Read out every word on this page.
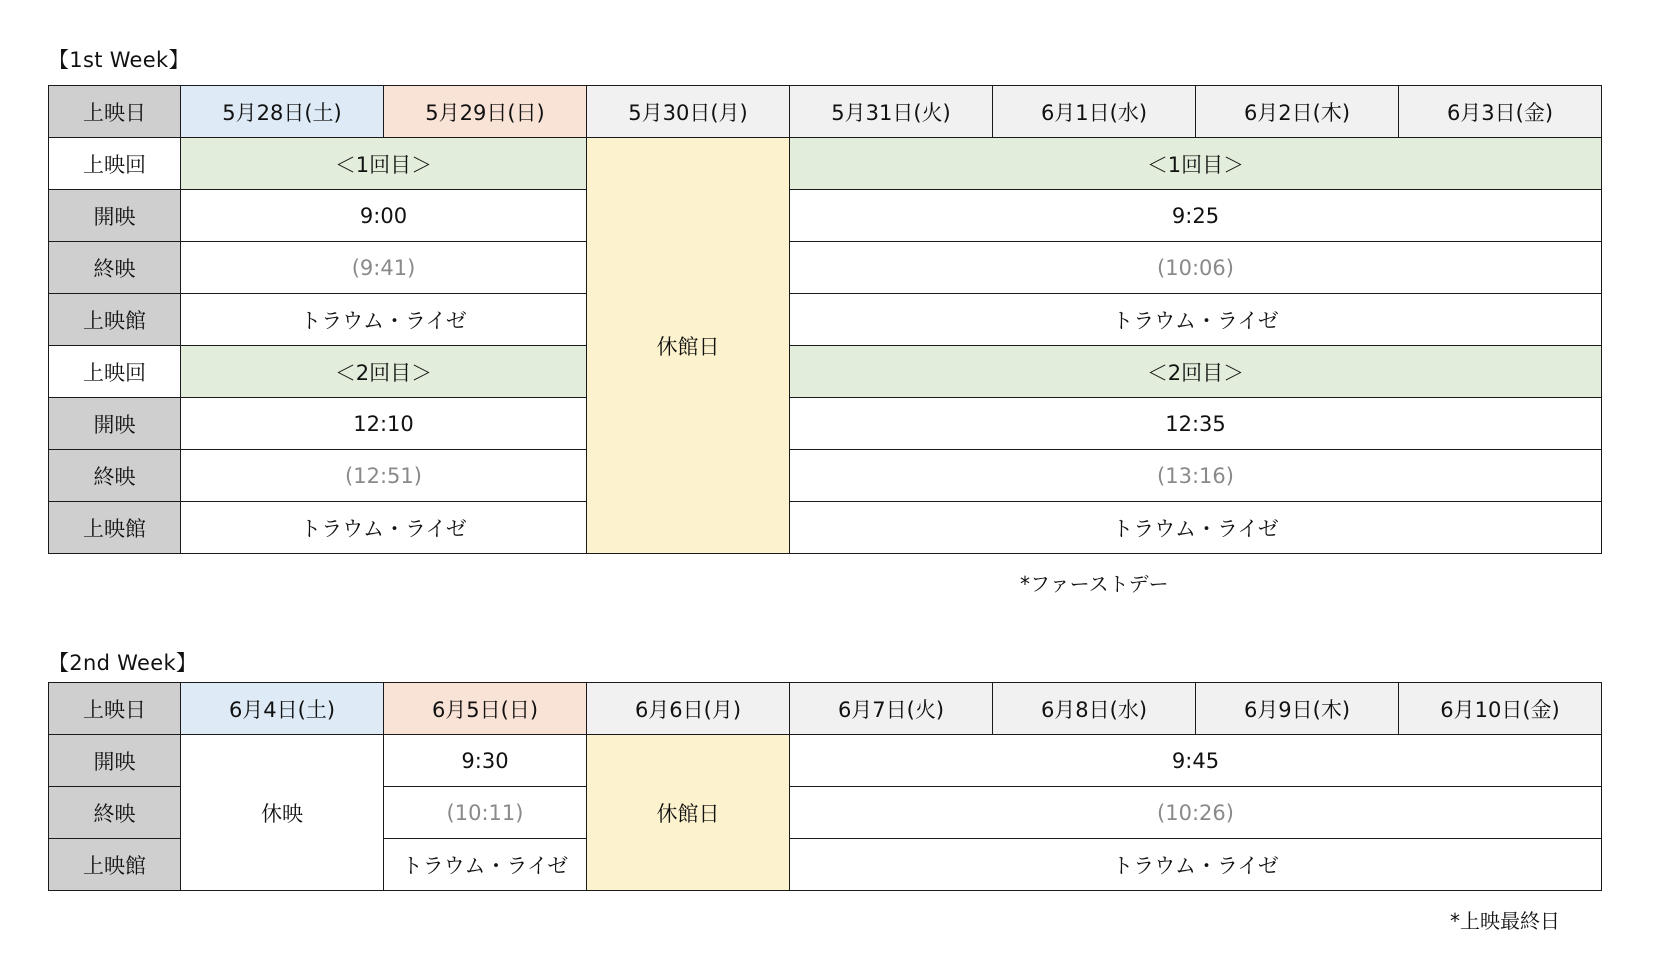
【1st Week】
上映日	5月28日(土)	5月29日(日)	5月30日(月)	5月31日(火)	6月1日(水)	6月2日(木)	6月3日(金)
上映回	＜1回目＞		休館日	＜1回目＞			
開映	9:00			9:25			
終映	(9:41)			(10:06)			
上映館	トラウム・ライゼ			トラウム・ライゼ			
上映回	＜2回目＞			＜2回目＞			
開映	12:10			12:35			
終映	(12:51)			(13:16)			
上映館	トラウム・ライゼ			トラウム・ライゼ			
*ファーストデー
【2nd Week】
上映日	6月4日(土)	6月5日(日)	6月6日(月)	6月7日(火)	6月8日(水)	6月9日(木)	6月10日(金)
開映	休映	9:30	休館日	9:45			
終映		(10:11)		(10:26)			
上映館		トラウム・ライゼ		トラウム・ライゼ			
*上映最終日
